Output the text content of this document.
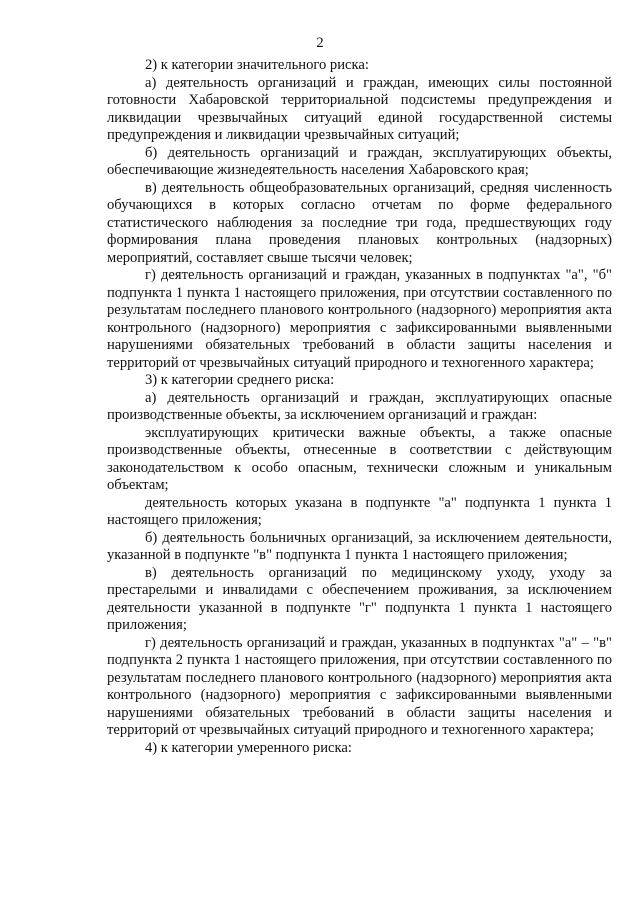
2

2) к категории значительного риска:

а) деятельность организаций и граждан, имеющих силы постоянной готовности Хабаровской территориальной подсистемы предупреждения и ликвидации чрезвычайных ситуаций единой государственной системы предупреждения и ликвидации чрезвычайных ситуаций;

б) деятельность организаций и граждан, эксплуатирующих объекты, обеспечивающие жизнедеятельность населения Хабаровского края;

в) деятельность общеобразовательных организаций, средняя численность обучающихся в которых согласно отчетам по форме федерального статистического наблюдения за последние три года, предшествующих году формирования плана проведения плановых контрольных (надзорных) мероприятий, составляет свыше тысячи человек;

г) деятельность организаций и граждан, указанных в подпунктах "а", "б" подпункта 1 пункта 1 настоящего приложения, при отсутствии составленного по результатам последнего планового контрольного (надзорного) мероприятия акта контрольного (надзорного) мероприятия с зафиксированными выявленными нарушениями обязательных требований в области защиты населения и территорий от чрезвычайных ситуаций природного и техногенного характера;

3) к категории среднего риска:

а) деятельность организаций и граждан, эксплуатирующих опасные производственные объекты, за исключением организаций и граждан:

эксплуатирующих критически важные объекты, а также опасные производственные объекты, отнесенные в соответствии с действующим законодательством к особо опасным, технически сложным и уникальным объектам;

деятельность которых указана в подпункте "а" подпункта 1 пункта 1 настоящего приложения;

б) деятельность больничных организаций, за исключением деятельности, указанной в подпункте "в" подпункта 1 пункта 1 настоящего приложения;

в) деятельность организаций по медицинскому уходу, уходу за престарелыми и инвалидами с обеспечением проживания, за исключением деятельности указанной в подпункте "г" подпункта 1 пункта 1 настоящего приложения;

г) деятельность организаций и граждан, указанных в подпунктах "а" – "в" подпункта 2 пункта 1 настоящего приложения, при отсутствии составленного по результатам последнего планового контрольного (надзорного) мероприятия акта контрольного (надзорного) мероприятия с зафиксированными выявленными нарушениями обязательных требований в области защиты населения и территорий от чрезвычайных ситуаций природного и техногенного характера;

4) к категории умеренного риска:
